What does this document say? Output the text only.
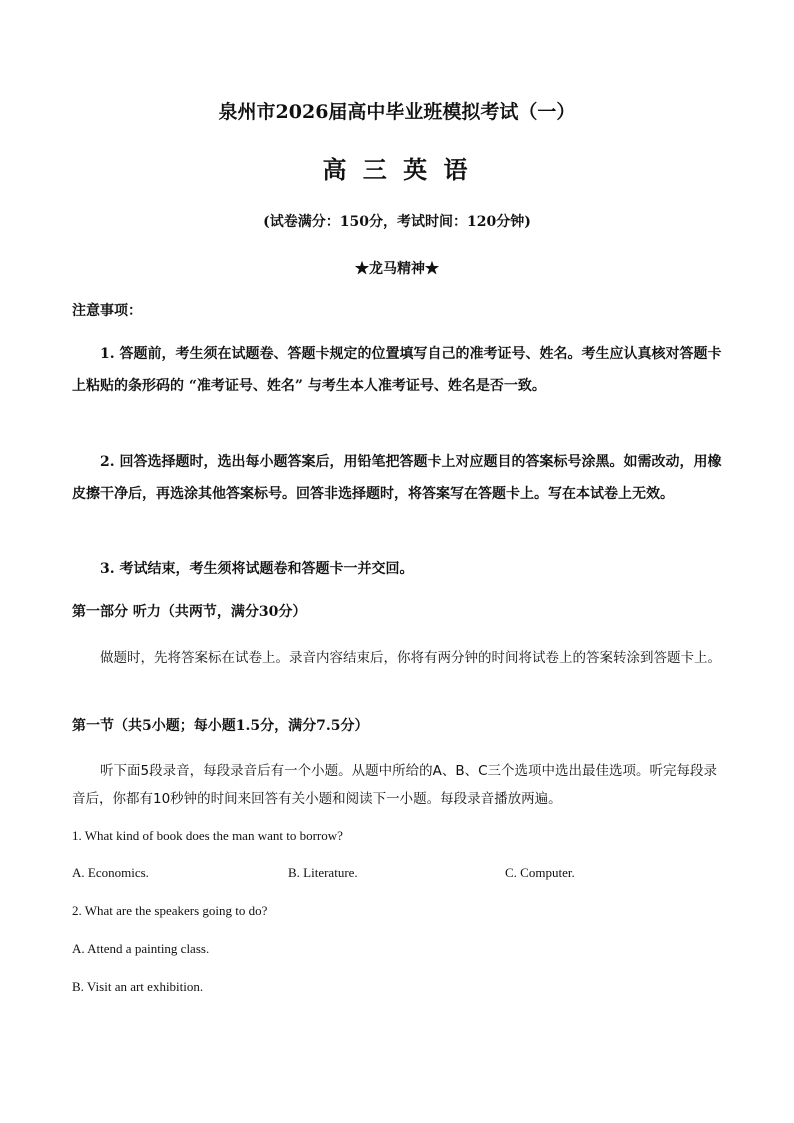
泉州市2026届高中毕业班模拟考试（一）
高 三 英 语
(试卷满分：150分，考试时间：120分钟)
★龙马精神★
注意事项：
1. 答题前，考生须在试题卷、答题卡规定的位置填写自己的准考证号、姓名。考生应认真核对答题卡上粘贴的条形码的 “准考证号、姓名” 与考生本人准考证号、姓名是否一致。
2. 回答选择题时，选出每小题答案后，用铅笔把答题卡上对应题目的答案标号涂黑。如需改动，用橡皮擦干净后，再选涂其他答案标号。回答非选择题时，将答案写在答题卡上。写在本试卷上无效。
3. 考试结束，考生须将试题卷和答题卡一并交回。
第一部分 听力（共两节，满分30分）
做题时，先将答案标在试卷上。录音内容结束后，你将有两分钟的时间将试卷上的答案转涂到答题卡上。
第一节（共5小题；每小题1.5分，满分7.5分）
听下面5段录音，每段录音后有一个小题。从题中所给的A、B、C三个选项中选出最佳选项。听完每段录音后，你都有10秒钟的时间来回答有关小题和阅读下一小题。每段录音播放两遍。
1. What kind of book does the man want to borrow?
A. Economics.	B. Literature.	C. Computer.
2. What are the speakers going to do?
A. Attend a painting class.
B. Visit an art exhibition.
